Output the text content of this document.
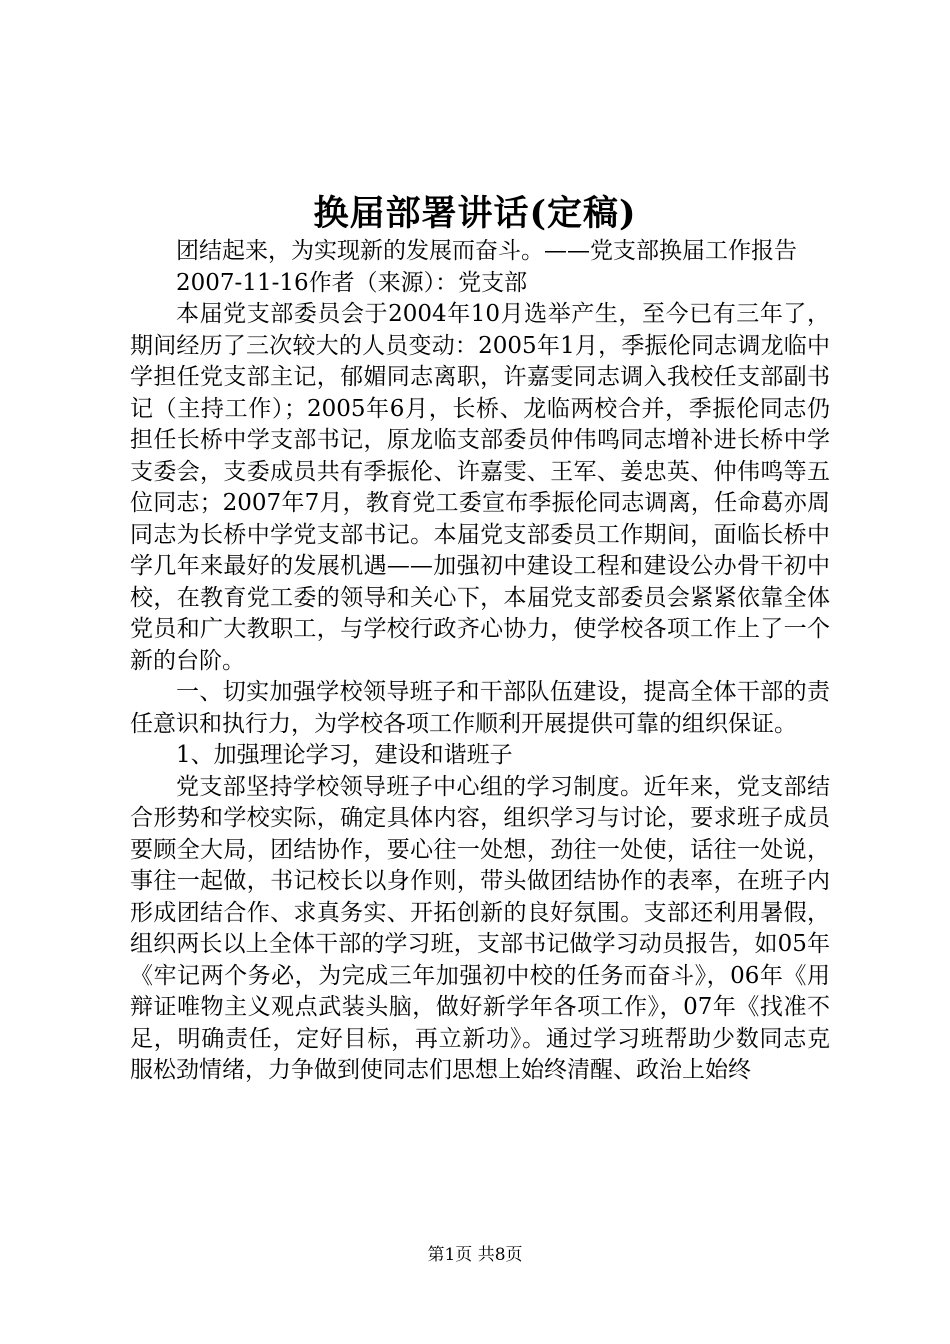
换届部署讲话(定稿)

团结起来，为实现新的发展而奋斗。——党支部换届工作报告

2007-11-16作者（来源）：党支部

本届党支部委员会于2004年10月选举产生，至今已有三年了，期间经历了三次较大的人员变动：2005年1月，季振伦同志调龙临中学担任党支部主记，郁媚同志离职，许嘉雯同志调入我校任支部副书记（主持工作）；2005年6月，长桥、龙临两校合并，季振伦同志仍担任长桥中学支部书记，原龙临支部委员仲伟鸣同志增补进长桥中学支委会，支委成员共有季振伦、许嘉雯、王军、姜忠英、仲伟鸣等五位同志；2007年7月，教育党工委宣布季振伦同志调离，任命葛亦周同志为长桥中学党支部书记。本届党支部委员工作期间，面临长桥中学几年来最好的发展机遇——加强初中建设工程和建设公办骨干初中校，在教育党工委的领导和关心下，本届党支部委员会紧紧依靠全体党员和广大教职工，与学校行政齐心协力，使学校各项工作上了一个新的台阶。

一、切实加强学校领导班子和干部队伍建设，提高全体干部的责任意识和执行力，为学校各项工作顺利开展提供可靠的组织保证。

1、加强理论学习，建设和谐班子

党支部坚持学校领导班子中心组的学习制度。近年来，党支部结合形势和学校实际，确定具体内容，组织学习与讨论，要求班子成员要顾全大局，团结协作，要心往一处想，劲往一处使，话往一处说，事往一起做，书记校长以身作则，带头做团结协作的表率，在班子内形成团结合作、求真务实、开拓创新的良好氛围。支部还利用暑假，组织两长以上全体干部的学习班，支部书记做学习动员报告，如05年《牢记两个务必，为完成三年加强初中校的任务而奋斗》，06年《用辩证唯物主义观点武装头脑，做好新学年各项工作》，07年《找准不足，明确责任，定好目标，再立新功》。通过学习班帮助少数同志克服松劲情绪，力争做到使同志们思想上始终清醒、政治上始终

第1页 共8页
